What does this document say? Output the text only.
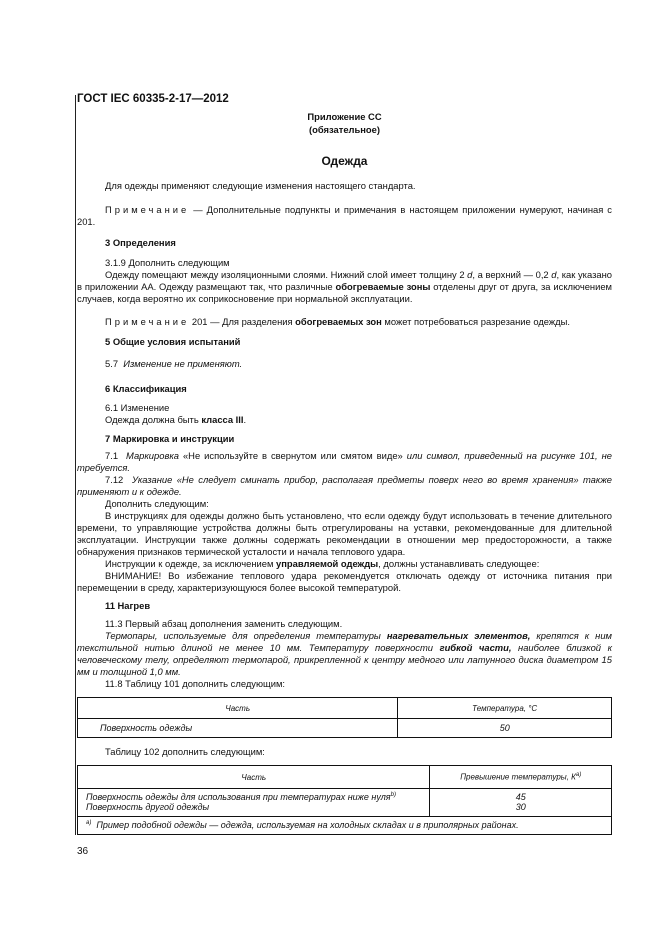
ГОСТ IEC 60335-2-17—2012
Приложение СС
(обязательное)
Одежда
Для одежды применяют следующие изменения настоящего стандарта.
Примечание — Дополнительные подпункты и примечания в настоящем приложении нумеруют, начиная с 201.
3 Определения
3.1.9 Дополнить следующим
Одежду помещают между изоляционными слоями. Нижний слой имеет толщину 2 d, а верхний — 0,2 d, как указано в приложении АА. Одежду размещают так, что различные обогреваемые зоны отделены друг от друга, за исключением случаев, когда вероятно их соприкосновение при нормальной эксплуатации.
Примечание 201 — Для разделения обогреваемых зон может потребоваться разрезание одежды.
5 Общие условия испытаний
5.7 Изменение не применяют.
6 Классификация
6.1 Изменение
Одежда должна быть класса III.
7 Маркировка и инструкции
7.1 Маркировка «Не используйте в свернутом или смятом виде» или символ, приведенный на рисунке 101, не требуется.
7.12 Указание «Не следует сминать прибор, располагая предметы поверх него во время хранения» также применяют и к одежде.
Дополнить следующим:
В инструкциях для одежды должно быть установлено, что если одежду будут использовать в течение длительного времени, то управляющие устройства должны быть отрегулированы на уставки, рекомендованные для длительной эксплуатации. Инструкции также должны содержать рекомендации в отношении мер предосторожности, а также обнаружения признаков термической усталости и начала теплового удара.
Инструкции к одежде, за исключением управляемой одежды, должны устанавливать следующее:
ВНИМАНИЕ! Во избежание теплового удара рекомендуется отключать одежду от источника питания при перемещении в среду, характеризующуюся более высокой температурой.
11 Нагрев
11.3 Первый абзац дополнения заменить следующим.
Термопары, используемые для определения температуры нагревательных элементов, крепятся к ним текстильной нитью длиной не менее 10 мм. Температуру поверхности гибкой части, наиболее близкой к человеческому телу, определяют термопарой, прикрепленной к центру медного или латунного диска диаметром 15 мм и толщиной 1,0 мм.
11.8 Таблицу 101 дополнить следующим:
Часть	Температура, °С
Поверхность одежды	50
Таблицу 102 дополнить следующим:
Часть	Превышение температуры, $К^{а)}$
Поверхность одежды для использования при температурах ниже нуля$^{b)}$	45
Поверхность другой одежды	30
$^{а)}$ Пример подобной одежды — одежда, используемая на холодных складах и в приполярных районах.	
36
